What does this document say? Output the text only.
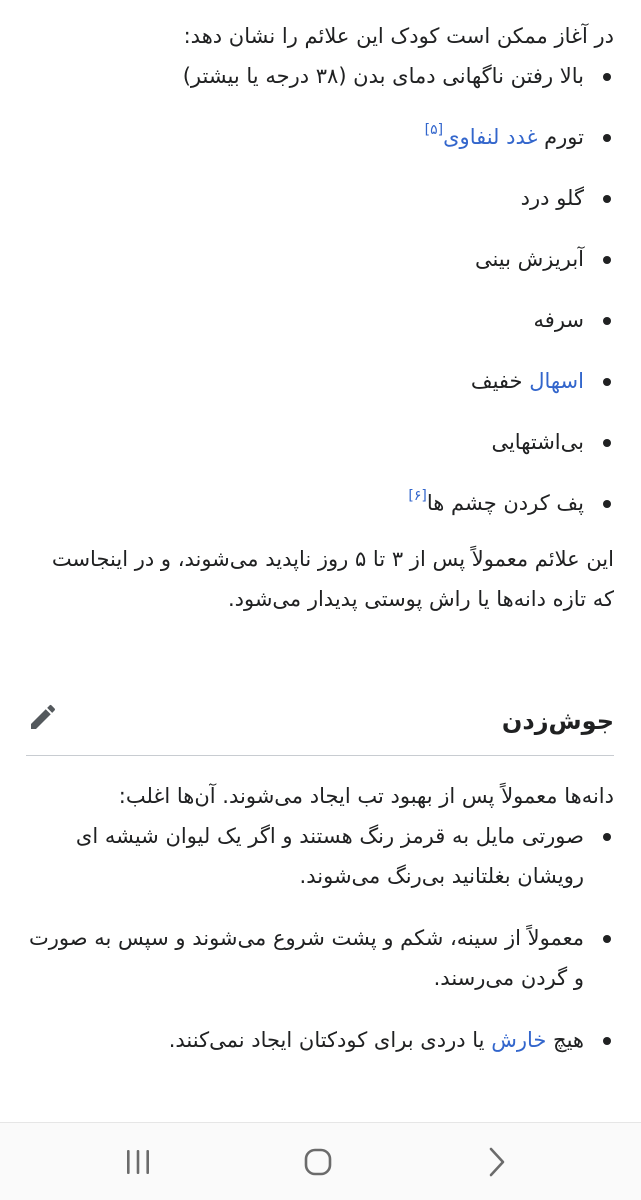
در آغاز ممکن است کودک این علائم را نشان دهد:

بالا رفتن ناگهانی دمای بدن (۳۸ درجه یا بیشتر)
تورم غدد لنفاوی[۵]
گلو درد
آبریزش بینی
سرفه
اسهال خفیف
بی‌اشتهایی
پف کردن چشم ها[۶]

این علائم معمولاً پس از ۳ تا ۵ روز ناپدید می‌شوند، و در اینجاست که تازه دانه‌ها یا راش پوستی پدیدار می‌شود.

جوش‌زدن

دانه‌ها معمولاً پس از بهبود تب ایجاد می‌شوند. آن‌ها اغلب:

صورتی مایل به قرمز رنگ هستند و اگر یک لیوان شیشه ای رویشان بغلتانید بی‌رنگ می‌شوند.
معمولاً از سینه، شکم و پشت شروع می‌شوند و سپس به صورت و گردن می‌رسند.
هیچ خارش یا دردی برای کودکتان ایجاد نمی‌کنند.
